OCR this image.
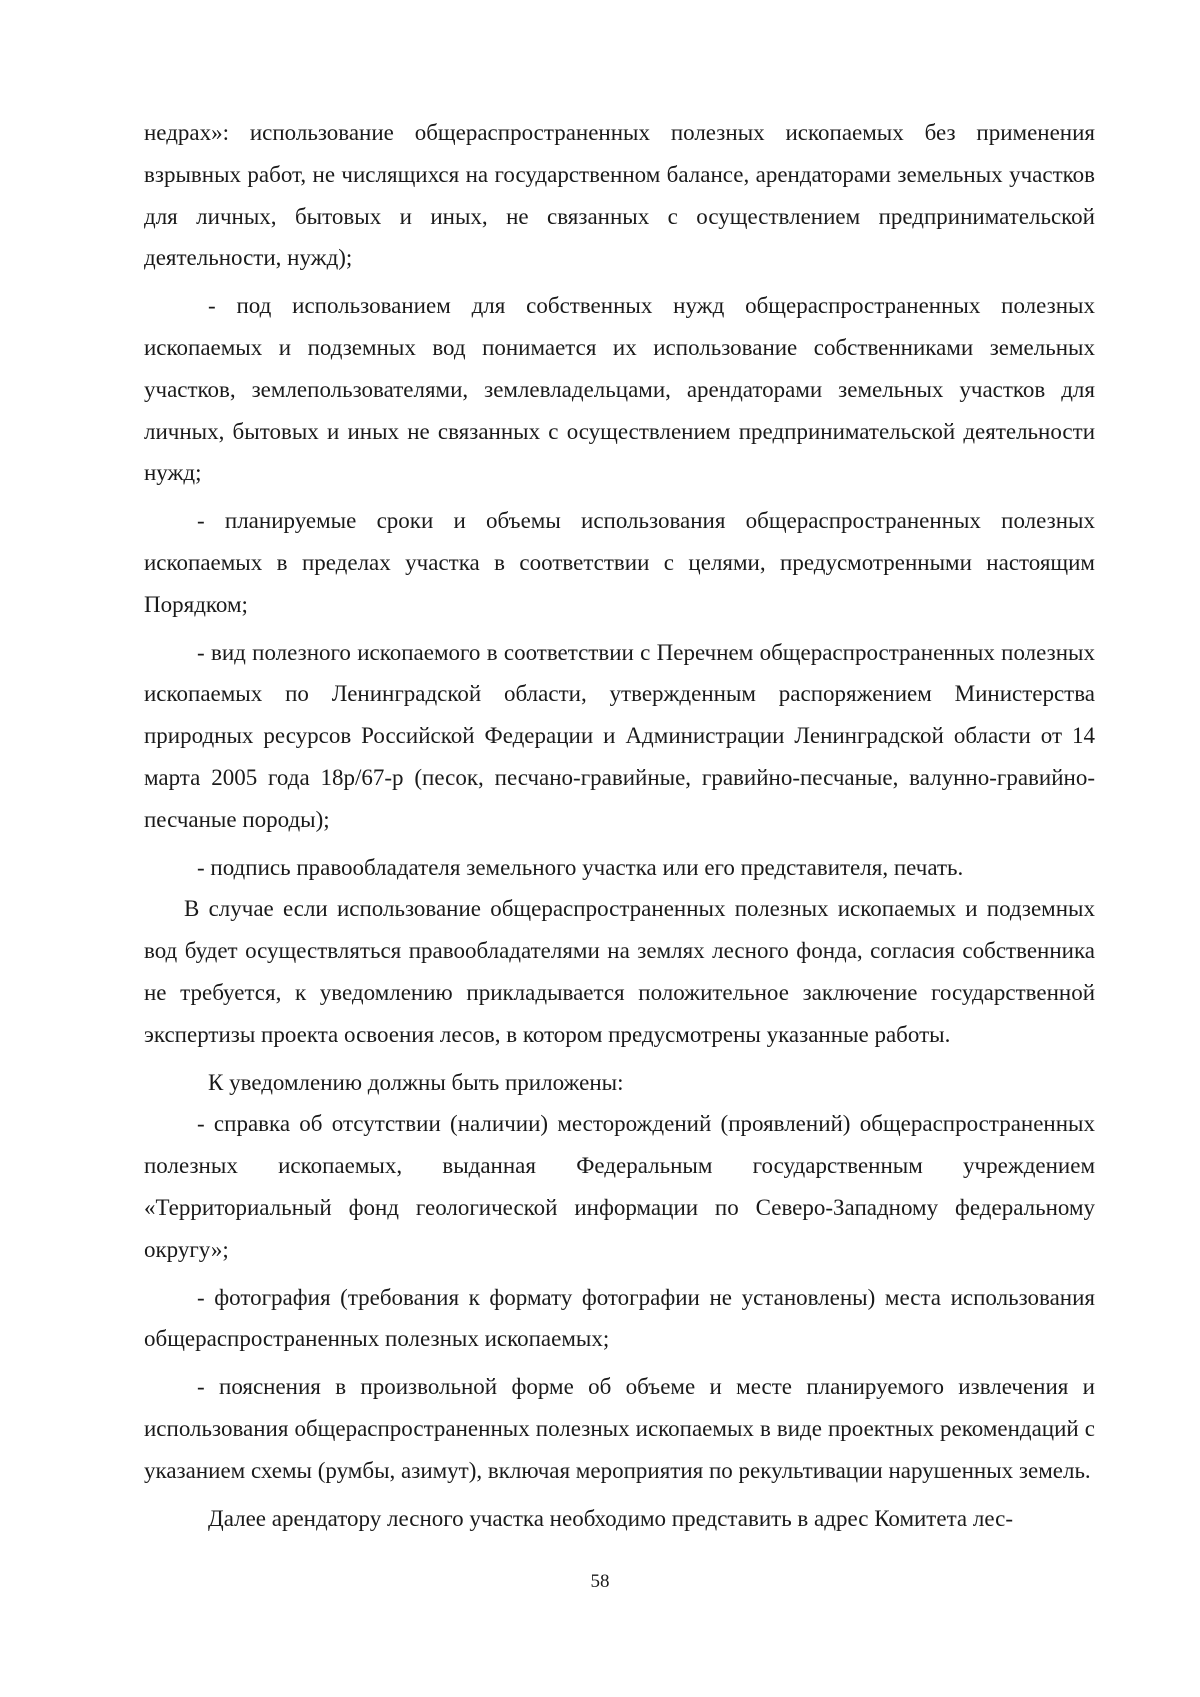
недрах»: использование общераспространенных полезных ископаемых без применения взрывных работ, не числящихся на государственном балансе, арендаторами земельных участков для личных, бытовых и иных, не связанных с осуществлением предпринимательской деятельности, нужд);

- под использованием для собственных нужд общераспространенных полезных ископаемых и подземных вод понимается их использование собственниками земельных участков, землепользователями, землевладельцами, арендаторами земельных участков для личных, бытовых и иных не связанных с осуществлением предпринимательской деятельности нужд;

- планируемые сроки и объемы использования общераспространенных полезных ископаемых в пределах участка в соответствии с целями, предусмотренными настоящим Порядком;

- вид полезного ископаемого в соответствии с Перечнем общераспространенных полезных ископаемых по Ленинградской области, утвержденным распоряжением Министерства природных ресурсов Российской Федерации и Администрации Ленинградской области от 14 марта 2005 года 18р/67-р (песок, песчано-гравийные, гравийно-песчаные, валунно-гравийно-песчаные породы);

- подпись правообладателя земельного участка или его представителя, печать.

В случае если использование общераспространенных полезных ископаемых и подземных вод будет осуществляться правообладателями на землях лесного фонда, согласия собственника не требуется, к уведомлению прикладывается положительное заключение государственной экспертизы проекта освоения лесов, в котором предусмотрены указанные работы.

К уведомлению должны быть приложены:

- справка об отсутствии (наличии) месторождений (проявлений) общераспространенных полезных ископаемых, выданная Федеральным государственным учреждением «Территориальный фонд геологической информации по Северо-Западному федеральному округу»;

- фотография (требования к формату фотографии не установлены) места использования общераспространенных полезных ископаемых;

- пояснения в произвольной форме об объеме и месте планируемого извлечения и использования общераспространенных полезных ископаемых в виде проектных рекомендаций с указанием схемы (румбы, азимут), включая мероприятия по рекультивации нарушенных земель.

Далее арендатору лесного участка необходимо представить в адрес Комитета лес-

58
